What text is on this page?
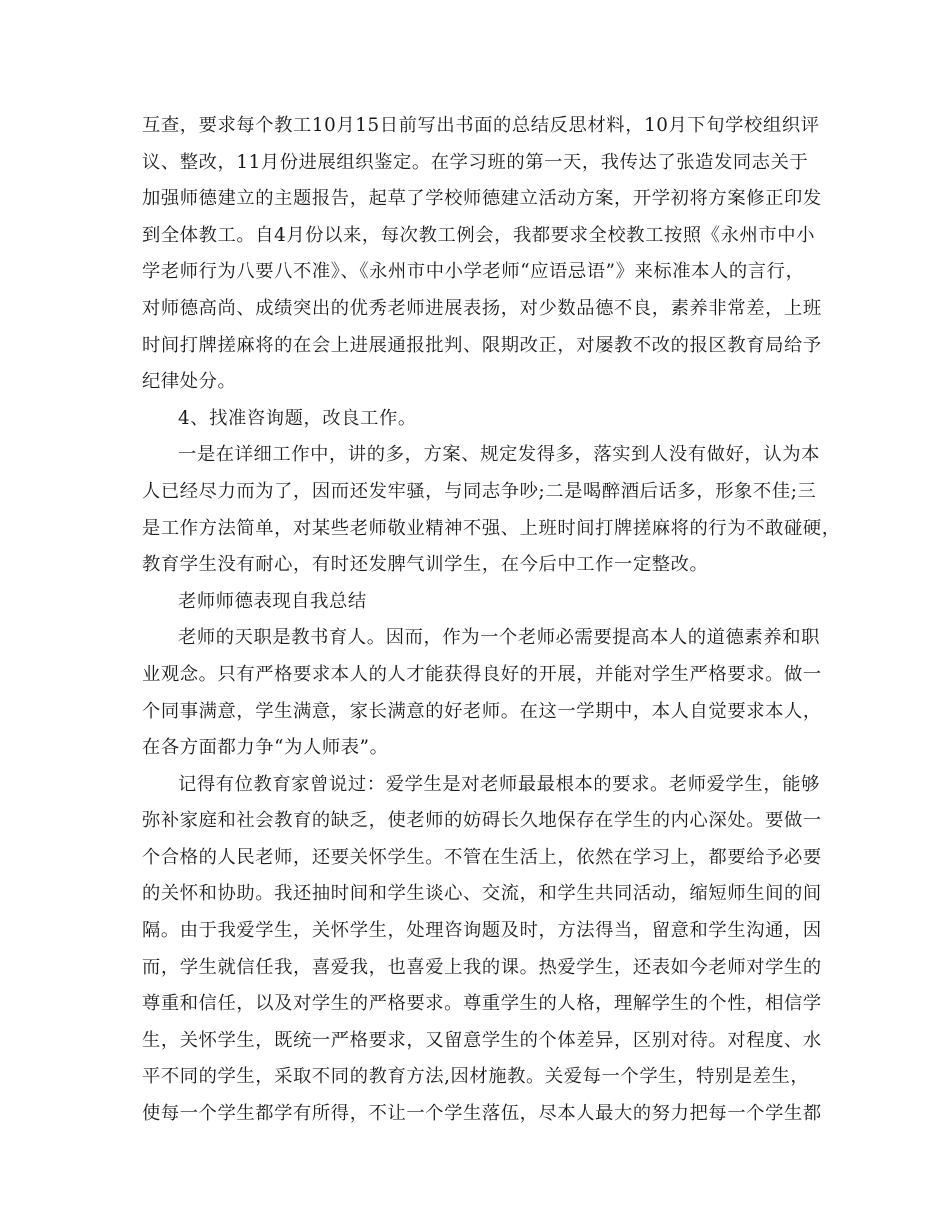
互查，要求每个教工10月15日前写出书面的总结反思材料，10月下旬学校组织评
议、整改，11月份进展组织鉴定。在学习班的第一天，我传达了张造发同志关于
加强师德建立的主题报告，起草了学校师德建立活动方案，开学初将方案修正印发
到全体教工。自4月份以来，每次教工例会，我都要求全校教工按照《永州市中小
学老师行为八要八不准》、《永州市中小学老师“应语忌语”》来标准本人的言行，
对师德高尚、成绩突出的优秀老师进展表扬，对少数品德不良，素养非常差，上班
时间打牌搓麻将的在会上进展通报批判、限期改正，对屡教不改的报区教育局给予
纪律处分。
4、找准咨询题，改良工作。
一是在详细工作中，讲的多，方案、规定发得多，落实到人没有做好，认为本
人已经尽力而为了，因而还发牢骚，与同志争吵;二是喝醉酒后话多，形象不佳;三
是工作方法简单，对某些老师敬业精神不强、上班时间打牌搓麻将的行为不敢碰硬，
教育学生没有耐心，有时还发脾气训学生，在今后中工作一定整改。
老师师德表现自我总结
老师的天职是教书育人。因而，作为一个老师必需要提高本人的道德素养和职
业观念。只有严格要求本人的人才能获得良好的开展，并能对学生严格要求。做一
个同事满意，学生满意，家长满意的好老师。在这一学期中，本人自觉要求本人，
在各方面都力争“为人师表”。
记得有位教育家曾说过：爱学生是对老师最最根本的要求。老师爱学生，能够
弥补家庭和社会教育的缺乏，使老师的妨碍长久地保存在学生的内心深处。要做一
个合格的人民老师，还要关怀学生。不管在生活上，依然在学习上，都要给予必要
的关怀和协助。我还抽时间和学生谈心、交流，和学生共同活动，缩短师生间的间
隔。由于我爱学生，关怀学生，处理咨询题及时，方法得当，留意和学生沟通，因
而，学生就信任我，喜爱我，也喜爱上我的课。热爱学生，还表如今老师对学生的
尊重和信任，以及对学生的严格要求。尊重学生的人格，理解学生的个性，相信学
生，关怀学生，既统一严格要求，又留意学生的个体差异，区别对待。对程度、水
平不同的学生，采取不同的教育方法,因材施教。关爱每一个学生，特别是差生，
使每一个学生都学有所得，不让一个学生落伍，尽本人最大的努力把每一个学生都
